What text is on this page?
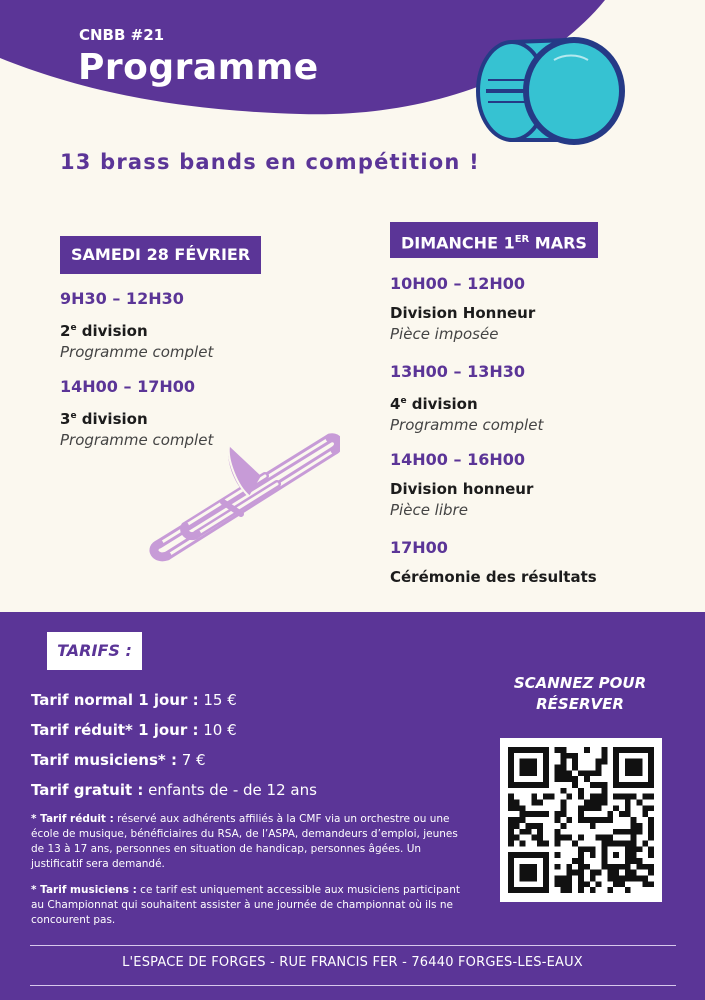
CNBB #21
Programme
13 brass bands en compétition !
SAMEDI 28 FÉVRIER
9H30 – 12H30
2e division
Programme complet
14H00 – 17H00
3e division
Programme complet
DIMANCHE 1ER MARS
10H00 – 12H00
Division Honneur
Pièce imposée
13H00 – 13H30
4e division
Programme complet
14H00 – 16H00
Division honneur
Pièce libre
17H00
Cérémonie des résultats
TARIFS :
Tarif normal 1 jour : 15 €
Tarif réduit* 1 jour : 10 €
Tarif musiciens* : 7 €
Tarif gratuit : enfants de - de 12 ans
* Tarif réduit : réservé aux adhérents affiliés à la CMF via un orchestre ou une école de musique, bénéficiaires du RSA, de l’ASPA, demandeurs d’emploi, jeunes de 13 à 17 ans, personnes en situation de handicap, personnes âgées. Un justificatif sera demandé.
* Tarif musiciens : ce tarif est uniquement accessible aux musiciens participant au Championnat qui souhaitent assister à une journée de championnat où ils ne concourent pas.
SCANNEZ POUR
RÉSERVER
L'ESPACE DE FORGES - RUE FRANCIS FER - 76440 FORGES-LES-EAUX
